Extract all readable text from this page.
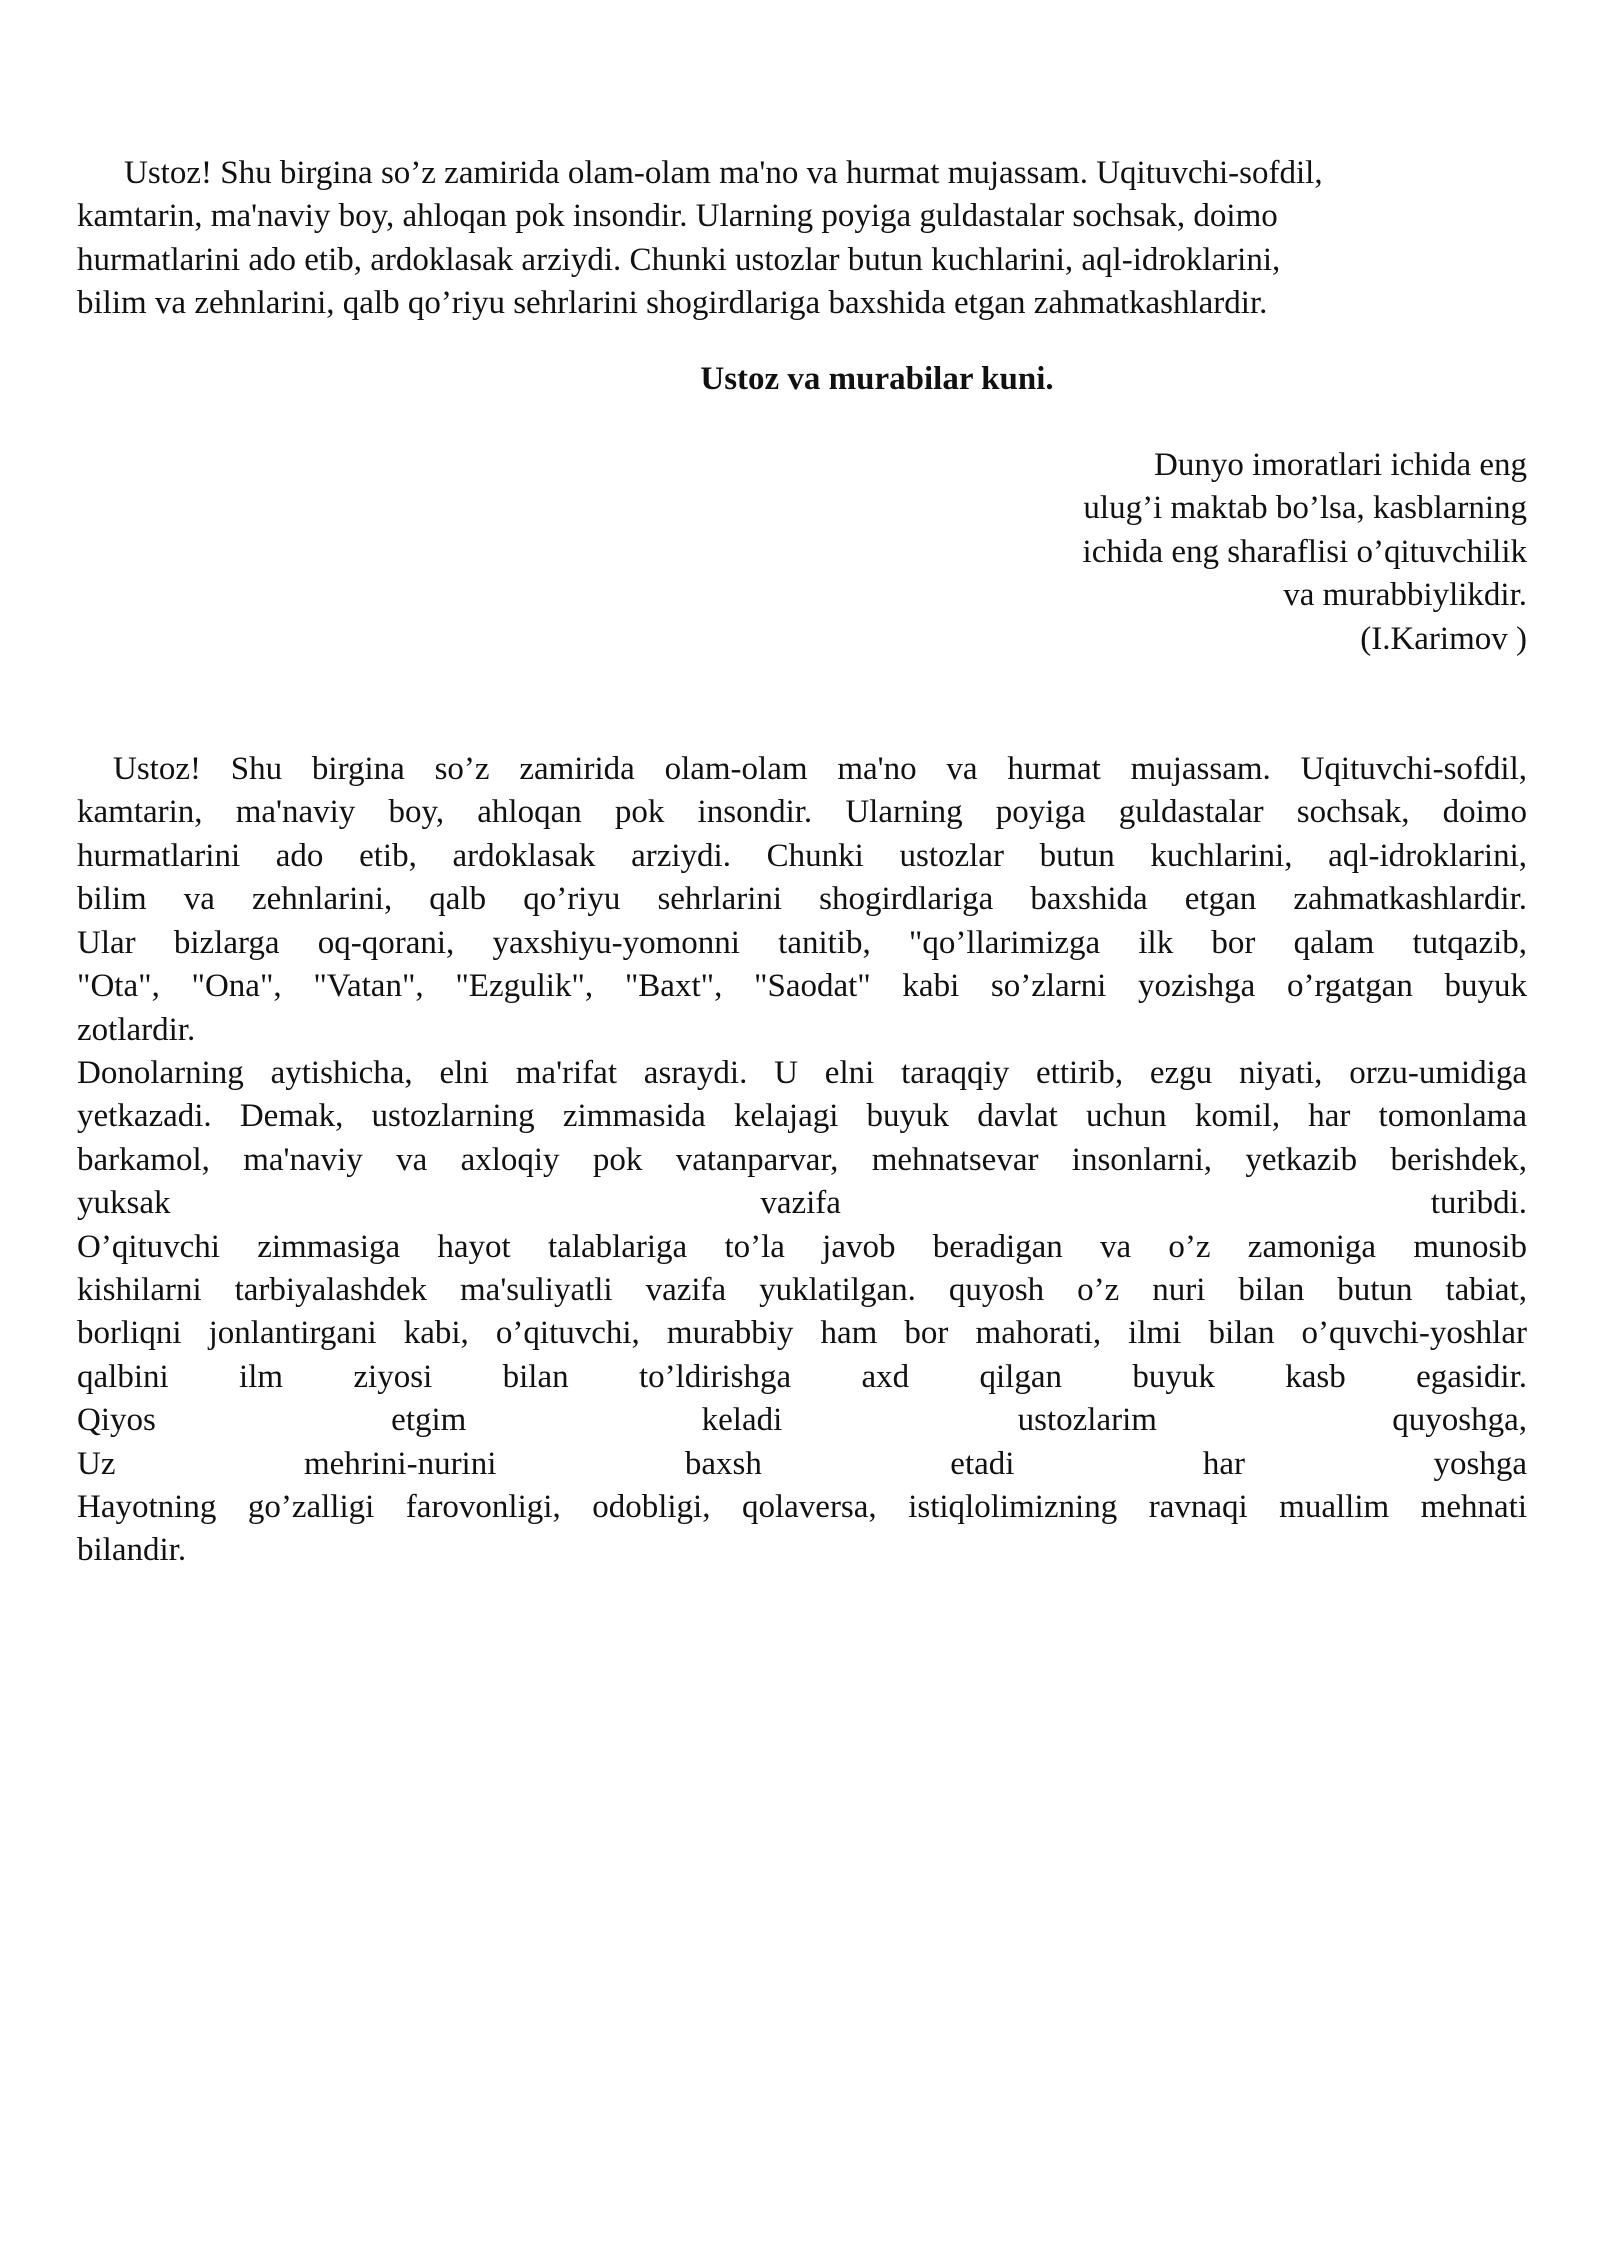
Ustoz! Shu birgina so’z zamirida olam-olam ma'no va hurmat mujassam. Uqituvchi-sofdil,
kamtarin, ma'naviy boy, ahloqan pok insondir. Ularning poyiga guldastalar sochsak, doimo
hurmatlarini ado etib, ardoklasak arziydi. Chunki ustozlar butun kuchlarini, aql-idroklarini,
bilim va zehnlarini, qalb qo’riyu sehrlarini shogirdlariga baxshida etgan zahmatkashlardir.
Ustoz va murabilar kuni.
Dunyo imoratlari ichida eng
ulug’i maktab bo’lsa, kasblarning
ichida eng sharaflisi o’qituvchilik
va murabbiylikdir.
(I.Karimov )
Ustoz! Shu birgina so’z zamirida olam-olam ma'no va hurmat mujassam. Uqituvchi-sofdil,
kamtarin, ma'naviy boy, ahloqan pok insondir. Ularning poyiga guldastalar sochsak, doimo
hurmatlarini ado etib, ardoklasak arziydi. Chunki ustozlar butun kuchlarini, aql-idroklarini,
bilim va zehnlarini, qalb qo’riyu sehrlarini shogirdlariga baxshida etgan zahmatkashlardir.
Ular bizlarga oq-qorani, yaxshiyu-yomonni tanitib, "qo’llarimizga ilk bor qalam tutqazib,
"Ota", "Ona", "Vatan", "Ezgulik", "Baxt", "Saodat" kabi so’zlarni yozishga o’rgatgan buyuk
zotlardir.
Donolarning aytishicha, elni ma'rifat asraydi. U elni taraqqiy ettirib, ezgu niyati, orzu-umidiga
yetkazadi. Demak, ustozlarning zimmasida kelajagi buyuk davlat uchun komil, har tomonlama
barkamol, ma'naviy va axloqiy pok vatanparvar, mehnatsevar insonlarni, yetkazib berishdek,
yuksak vazifa turibdi.
O’qituvchi zimmasiga hayot talablariga to’la javob beradigan va o’z zamoniga munosib
kishilarni tarbiyalashdek ma'suliyatli vazifa yuklatilgan. quyosh o’z nuri bilan butun tabiat,
borliqni jonlantirgani kabi, o’qituvchi, murabbiy ham bor mahorati, ilmi bilan o’quvchi-yoshlar
qalbini ilm ziyosi bilan to’ldirishga axd qilgan buyuk kasb egasidir.
Qiyos etgim keladi ustozlarim quyoshga,
Uz mehrini-nurini baxsh etadi har yoshga
Hayotning go’zalligi farovonligi, odobligi, qolaversa, istiqlolimizning ravnaqi muallim mehnati
bilandir.
